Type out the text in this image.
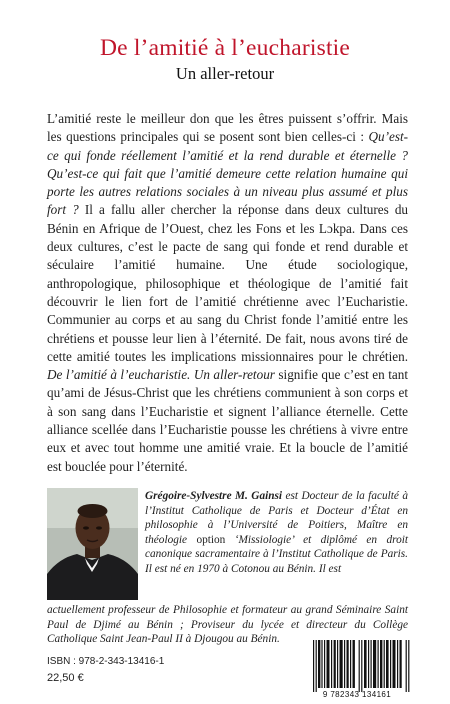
De l’amitié à l’eucharistie
Un aller-retour

L’amitié reste le meilleur don que les êtres puissent s’offrir. Mais les questions principales qui se posent sont bien celles-ci : Qu’est-ce qui fonde réellement l’amitié et la rend durable et éternelle ? Qu’est-ce qui fait que l’amitié demeure cette relation humaine qui porte les autres relations sociales à un niveau plus assumé et plus fort ? Il a fallu aller chercher la réponse dans deux cultures du Bénin en Afrique de l’Ouest, chez les Fons et les Lɔkpa. Dans ces deux cultures, c’est le pacte de sang qui fonde et rend durable et séculaire l’amitié humaine. Une étude sociologique, anthropologique, philosophique et théologique de l’amitié fait découvrir le lien fort de l’amitié chrétienne avec l’Eucharistie. Communier au corps et au sang du Christ fonde l’amitié entre les chrétiens et pousse leur lien à l’éternité. De fait, nous avons tiré de cette amitié toutes les implications missionnaires pour le chrétien. De l’amitié à l’eucharistie. Un aller-retour signifie que c’est en tant qu’ami de Jésus-Christ que les chrétiens communient à son corps et à son sang dans l’Eucharistie et signent l’alliance éternelle. Cette alliance scellée dans l’Eucharistie pousse les chrétiens à vivre entre eux et avec tout homme une amitié vraie. Et la boucle de l’amitié est bouclée pour l’éternité.

Grégoire-Sylvestre M. Gainsi est Docteur de la faculté à l’Institut Catholique de Paris et Docteur d’État en philosophie à l’Université de Poitiers, Maître en théologie option ‘Missiologie’ et diplômé en droit canonique sacramentaire à l’Institut Catholique de Paris. Il est né en 1970 à Cotonou au Bénin. Il est
actuellement professeur de Philosophie et formateur au grand Séminaire Saint Paul de Djimé au Bénin ; Proviseur du lycée et directeur du Collège Catholique Saint Jean-Paul II à Djougou au Bénin.
ISBN : 978-2-343-13416-1
22,50 €
9 782343 134161
